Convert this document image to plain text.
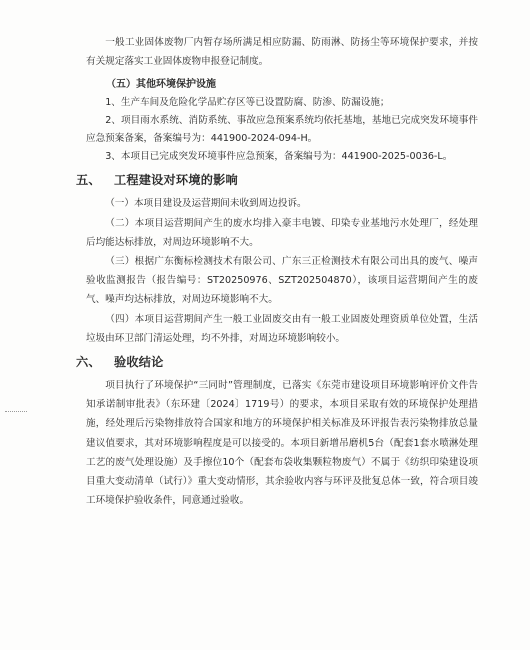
一般工业固体废物厂内暂存场所满足相应防漏、防雨淋、防扬尘等环境保护要求，并按有关规定落实工业固体废物申报登记制度。

（五）其他环境保护设施

1、生产车间及危险化学品贮存区等已设置防腐、防渗、防漏设施；

2、项目雨水系统、消防系统、事故应急预案系统均依托基地，基地已完成突发环境事件应急预案备案，备案编号为：441900-2024-094-H。

3、本项目已完成突发环境事件应急预案，备案编号为：441900-2025-0036-L。

五、 工程建设对环境的影响

（一）本项目建设及运营期间未收到周边投诉。

（二）本项目运营期间产生的废水均排入豪丰电镀、印染专业基地污水处理厂，经处理后均能达标排放，对周边环境影响不大。

（三）根据广东衡标检测技术有限公司、广东三正检测技术有限公司出具的废气、噪声验收监测报告（报告编号：ST20250976、SZT202504870），该项目运营期间产生的废气、噪声均达标排放，对周边环境影响不大。

（四）本项目运营期间产生一般工业固废交由有一般工业固废处理资质单位处置，生活垃圾由环卫部门清运处理，均不外排，对周边环境影响较小。

六、 验收结论

项目执行了环境保护“三同时”管理制度，已落实《东莞市建设项目环境影响评价文件告知承诺制审批表》（东环建〔2024〕1719号）的要求，本项目采取有效的环境保护处理措施，经处理后污染物排放符合国家和地方的环境保护相关标准及环评报告表污染物排放总量建议值要求，其对环境影响程度是可以接受的。本项目新增吊磨机5台（配套1套水喷淋处理工艺的废气处理设施）及手擦位10个（配套布袋收集颗粒物废气）不属于《纺织印染建设项目重大变动清单（试行）》重大变动情形，其余验收内容与环评及批复总体一致，符合项目竣工环境保护验收条件，同意通过验收。
